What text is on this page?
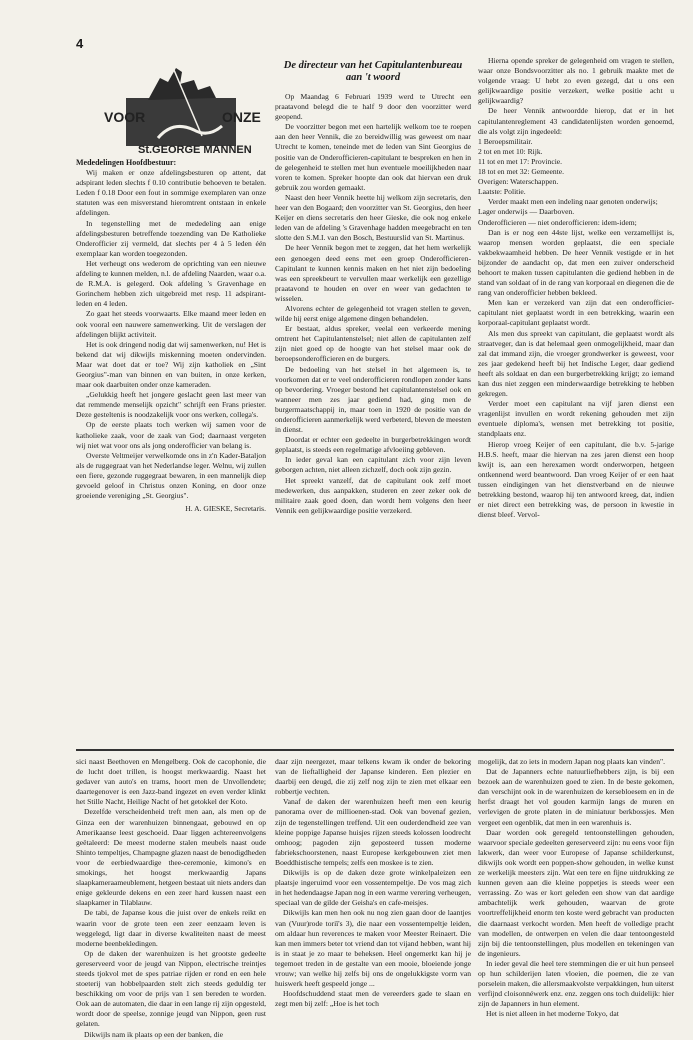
4
VOOR	ONZE
St.GEORGE MANNEN

Mededelingen Hoofdbestuur:

Wij maken er onze afdelingsbesturen op attent, dat adspirant leden slechts f 0.10 contributie behoeven te betalen. Leden f 0.18 Door een fout in sommige exemplaren van onze statuten was een misverstand hieromtrent ontstaan in enkele afdelingen.

In tegenstelling met de mededeling aan enige afdelingsbesturen betreffende toezending van De Katholieke Onderofficier zij vermeld, dat slechts per 4 à 5 leden één exemplaar kan worden toegezonden.

Het verheugt ons wederom de oprichting van een nieuwe afdeling te kunnen melden, n.l. de afdeling Naarden, waar o.a. de R.M.A. is gelegerd. Ook afdeling 's Gravenhage en Gorinchem hebben zich uitgebreid met resp. 11 adspirant-leden en 4 leden.

Zo gaat het steeds voorwaarts. Elke maand meer leden en ook vooral een nauwere samenwerking. Uit de verslagen der afdelingen blijkt activiteit.

Het is ook dringend nodig dat wij samenwerken, nu! Het is bekend dat wij dikwijls miskenning moeten ondervinden. Maar wat doet dat er toe? Wij zijn katholiek en „Sint Georgius"-man van binnen en van buiten, in onze kerken, maar ook daarbuiten onder onze kameraden.

„Gelukkig heeft het jongere geslacht geen last meer van dat remmende menselijk opzicht" schrijft een Frans priester. Deze gesteltenis is noodzakelijk voor ons werken, collega's.

Op de eerste plaats toch werken wij samen voor de katholieke zaak, voor de zaak van God; daarnaast vergeten wij niet wat voor ons als jong onderofficier van belang is.

Overste Veltmeijer verwelkomde ons in z'n Kader-Bataljon als de ruggegraat van het Nederlandse leger. Welnu, wij zullen een fiere, gezonde ruggegraat bewaren, in een mannelijk diep gevoeld geloof in Christus onzen Koning, en door onze groeiende vereniging „St. Georgius".

H. A. GIESKE, Secretaris.

De directeur van het Capitulantenbureau aan 't woord

Op Maandag 6 Februari 1939 werd te Utrecht een praatavond belegd die te half 9 door den voorzitter werd geopend.

De voorzitter begon met een hartelijk welkom toe te roepen aan den heer Vennik, die zo bereidwillig was geweest om naar Utrecht te komen, teneinde met de leden van Sint Georgius de positie van de Onderofficieren-capitulant te bespreken en hen in de gelegenheid te stellen met hun eventuele moeilijkheden naar voren te komen. Spreker hoopte dan ook dat hiervan een druk gebruik zou worden gemaakt.

Naast den heer Vennik heette hij welkom zijn secretaris, den heer van den Bogaard; den voorzitter van St. Georgius, den heer Keijer en diens secretaris den heer Gieske, die ook nog enkele leden van de afdeling 's Gravenhage hadden meegebracht en ten slotte den S.M.I. van den Bosch, Bestuurslid van St. Martinus.

De heer Vennik begon met te zeggen, dat het hem werkelijk een genoegen deed eens met een groep Onderofficieren-Capitulant te kunnen kennis maken en het niet zijn bedoeling was een spreekbeurt te vervullen maar werkelijk een gezellige praatavond te houden en over en weer van gedachten te wisselen.

Alvorens echter de gelegenheid tot vragen stellen te geven, wilde hij eerst enige algemene dingen behandelen.

Er bestaat, aldus spreker, veelal een verkeerde mening omtrent het Capitulantenstelsel; niet allen de capitulanten zelf zijn niet goed op de hoogte van het stelsel maar ook de beroepsonderofficieren en de burgers.

De bedoeling van het stelsel in het algemeen is, te voorkomen dat er te veel onderofficieren rondlopen zonder kans op bevordering. Vroeger bestond het capitulantenstelsel ook en wanneer men zes jaar gediend had, ging men de burgermaatschappij in, maar toen in 1920 de positie van de onderofficieren aanmerkelijk werd verbeterd, bleven de meesten in dienst.

Doordat er echter een gedeelte in burgerbetrekkingen wordt geplaatst, is steeds een regelmatige afvloeiing gebleven.

In ieder geval kan een capitulant zich voor zijn leven geborgen achten, niet alleen zichzelf, doch ook zijn gezin.

Het spreekt vanzelf, dat de capitulant ook zelf moet medewerken, dus aanpakken, studeren en zeer zeker ook de militaire zaak goed doen, dan wordt hem volgens den heer Vennik een gelijkwaardige positie verzekerd.

Hierna opende spreker de gelegenheid om vragen te stellen, waar onze Bondsvoorzitter als no. 1 gebruik maakte met de volgende vraag: U hebt zo even gezegd, dat u ons een gelijkwaardige positie verzekert, welke positie acht u gelijkwaardig?

De heer Vennik antwoordde hierop, dat er in het capitulantenreglement 43 candidatenlijsten worden genoemd, die als volgt zijn ingedeeld:

1 Beroepsmilitair.

2 tot en met 10: Rijk.

11 tot en met 17: Provincie.

18 tot en met 32: Gemeente.

Overigen: Waterschappen.

Laatste: Politie.

Verder maakt men een indeling naar genoten onderwijs;

Lager onderwijs — Daarboven.

Onderofficieren — niet onderofficieren: idem-idem;

Dan is er nog een 44ste lijst, welke een verzamellijst is, waarop mensen worden geplaatst, die een speciale vakbekwaamheid hebben. De heer Vennik vestigde er in het bijzonder de aandacht op, dat men een zuiver onderscheid behoort te maken tussen capitulanten die gediend hebben in de stand van soldaat of in de rang van korporaal en diegenen die de rang van onderofficier hebben bekleed.

Men kan er verzekerd van zijn dat een onderofficier-capitulant niet geplaatst wordt in een betrekking, waarin een korporaal-capitulant geplaatst wordt.

Als men dus spreekt van capitulant, die geplaatst wordt als straatveger, dan is dat helemaal geen onmogelijkheid, maar dan zal dat immand zijn, die vroeger grondwerker is geweest, voor zes jaar gedekend heeft bij het Indische Leger, daar gediend heeft als soldaat en dan een burgerbetrekking krijgt; zo iemand kan dus niet zeggen een minderwaardige betrekking te hebben gekregen.

Verder moet een capitulant na vijf jaren dienst een vragenlijst invullen en wordt rekening gehouden met zijn eventuele diploma's, wensen met betrekking tot positie, standplaats enz.

Hierop vroeg Keijer of een capitulant, die b.v. 5-jarige H.B.S. heeft, maar die hiervan na zes jaren dienst een hoop kwijt is, aan een herexamen wordt onderworpen, hetgeen ontkennend werd beantwoord. Dan vroeg Keijer of er een haat tussen eindigingen van het dienstverband en de nieuwe betrekking bestond, waarop hij ten antwoord kreeg, dat, indien er niet direct een betrekking was, de persoon in kwestie in dienst bleef. Vervol-

sici naast Beethoven en Mengelberg. Ook de cacophonie, die de lucht doet trillen, is hoogst merkwaardig. Naast het gedaver van auto's en trams, hoort men de Unvollendete; daartegenover is een Jazz-band ingezet en even verder klinkt het Stille Nacht, Heilige Nacht of het getokkel der Koto.

Dezelfde verscheidenheid treft men aan, als men op de Ginza een der warenhuizen binnengaat, gebouwd en op Amerikaanse leest geschoeid. Daar liggen achtereenvolgens geëtaleerd: De meest moderne stalen meubels naast oude Shinto tempeltjes, Champagne glazen naast de benodigdheden voor de eerbiedwaardige thee-ceremonie, kimono's en smokings, het hoogst merkwaardig Japans slaapkameraameublement, hetgeen bestaat uit niets anders dan enige gekleurde dekens en een zeer hard kussen naast een slaapkamer in Tilablauw.

De tabi, de Japanse kous die juist over de enkels reikt en waarin voor de grote teen een zeer eenzaam leven is weggelegd, ligt daar in diverse kwaliteiten naast de meest moderne beenbekledingen.

Op de daken der warenhuizen is het grootste gedeelte gereserveerd voor de jeugd van Nippon, electrische treintjes steeds tjokvol met de spes patriae rijden er rond en een hele stoeterij van hobbelpaarden stelt zich steeds geduldig ter beschikking om voor de prijs van 1 sen bereden te worden. Ook aan de automaten, die daar in een lange rij zijn opgesteld, wordt door de speelse, zonnige jeugd van Nippon, geen rust gelaten.

Dikwijls nam ik plaats op een der banken, die

daar zijn neergezet, maar telkens kwam ik onder de bekoring van de lieftalligheid der Japanse kinderen. Een plezier en daarbij een deugd, die zij zelf nog zijn te zien met elkaar een robbertje vechten.

Vanaf de daken der warenhuizen heeft men een keurig panorama over de millioenen-stad. Ook van bovenaf gezien, zijn de tegenstellingen treffend. Uit een ouderdendheid zee van kleine poppige Japanse huisjes rijzen steeds kolossen loodrecht omhoog; pagoden zijn geposteerd tussen moderne fabriekschoorstenen, naast Europese kerkgebouwen ziet men Boeddhistische tempels; zelfs een moskee is te zien.

Dikwijls is op de daken deze grote winkelpaleizen een plaatsje ingeruimd voor een vossentempeltje. De vos mag zich in het hedendaagse Japan nog in een warme verering verheugen, speciaal van de gilde der Geisha's en cafe-meisjes.

Dikwijls kan men hen ook nu nog zien gaan door de laantjes van (Vuur)rode toriï's 3), die naar een vossentempeltje leiden, om aldaar hun reverences te maken voor Meester Reinaert. Die kan men immers beter tot vriend dan tot vijand hebben, want hij is in staat je zo maar te beheksen. Heel ongemerkt kan hij je tegemoet treden in de gestalte van een mooie, bloeiende jonge vrouw; van welke hij zelfs bij ons de ongelukkigste vorm van huiswerk heeft gespeeld jonge ...

Hoofdschuddend staat men de vereerders gade te slaan en zegt men bij zelf: „Hoe is het toch

mogelijk, dat zo iets in modern Japan nog plaats kan vinden".

Dat de Japanners echte natuurliefhebbers zijn, is bij een bezoek aan de warenhuizen goed te zien. In de beste gekomen, dan verschijnt ook in de warenhuizen de kersebloesem en in de herfst draagt het vol gouden karmijn langs de muren en verlevigen de grote platen in de miniatuur berkbossjes. Men vergeet een ogenblik, dat men in een warenhuis is.

Daar worden ook geregeld tentoonstellingen gehouden, waarvoor speciale gedeelten gereserveerd zijn: nu eens voor fijn lakwerk, dan weer voor Europese of Japanse schilderkunst, dikwijls ook wordt een poppen-show gehouden, in welke kunst ze werkelijk meesters zijn. Wat een tere en fijne uitdrukking ze kunnen geven aan die kleine poppetjes is steeds weer een verrassing. Zo was er kort geleden een show van dat aardige ambachtelijk werk gehouden, waarvan de grote voortreffelijkheid enorm ten koste werd gebracht van producten die daarnaast verkocht worden. Men heeft de volledige pracht van modellen, de ontwerpen en velen die daar tentoongesteld zijn bij die tentoonstellingen, plus modellen en tekeningen van de ingenieurs.

In ieder geval die heel tere stemmingen die er uit hun penseel op hun schilderijen laten vloeien, die poemen, die ze van porselein maken, die allersmaakvolste verpakkingen, hun uiterst verfijnd cloisonnéwerk enz. enz. zeggen ons toch duidelijk: hier zijn de Japanners in hun element.

Het is niet alleen in het moderne Tokyo, dat
